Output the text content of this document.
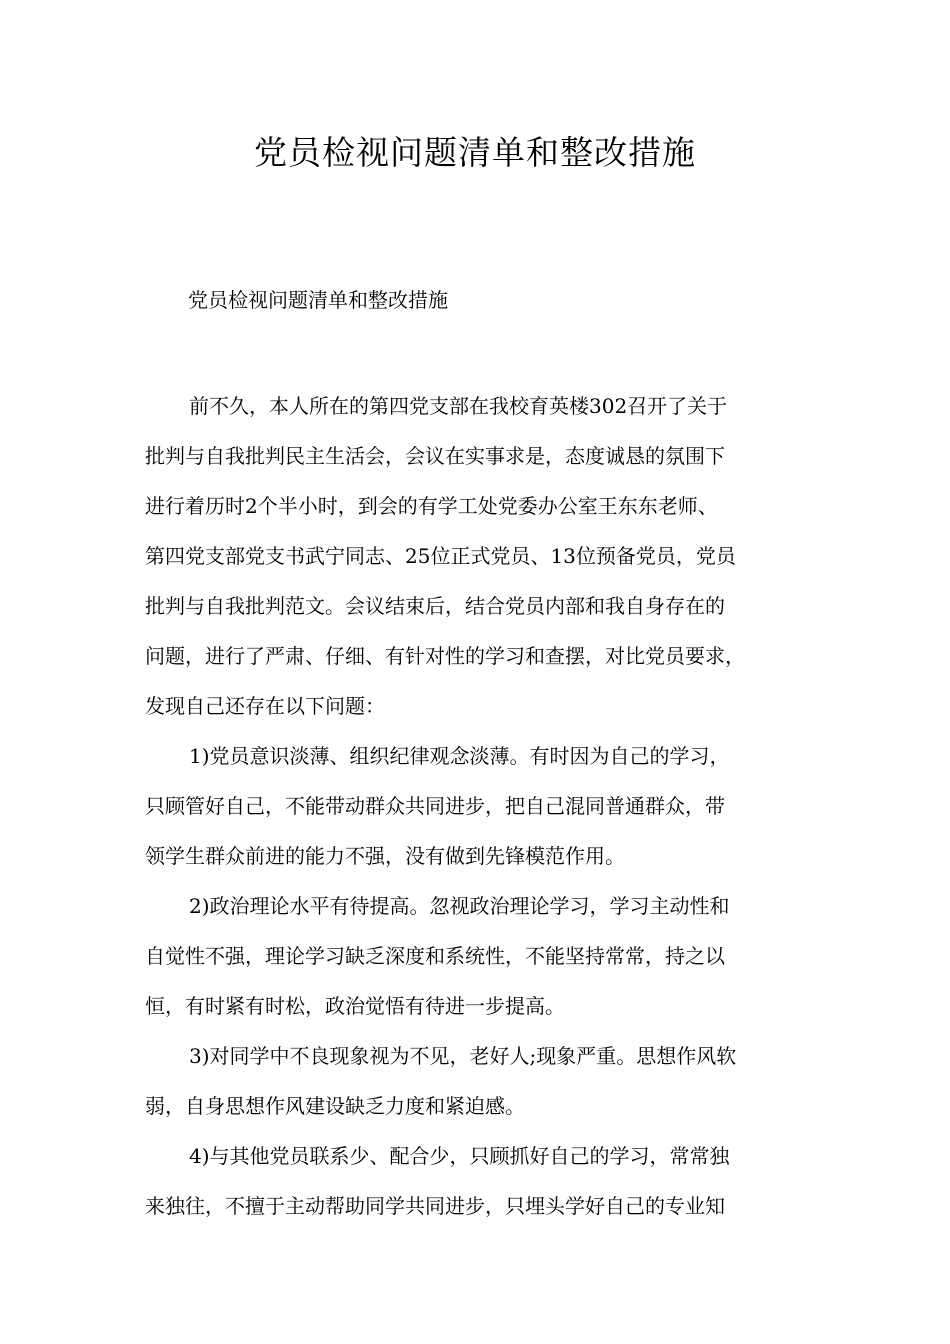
党员检视问题清单和整改措施

党员检视问题清单和整改措施

前不久，本人所在的第四党支部在我校育英楼302召开了关于
批判与自我批判民主生活会，会议在实事求是，态度诚恳的氛围下
进行着历时2个半小时，到会的有学工处党委办公室王东东老师、
第四党支部党支书武宁同志、25位正式党员、13位预备党员，党员
批判与自我批判范文。会议结束后，结合党员内部和我自身存在的
问题，进行了严肃、仔细、有针对性的学习和查摆，对比党员要求，
发现自己还存在以下问题：
1)党员意识淡薄、组织纪律观念淡薄。有时因为自己的学习，
只顾管好自己，不能带动群众共同进步，把自己混同普通群众，带
领学生群众前进的能力不强，没有做到先锋模范作用。
2)政治理论水平有待提高。忽视政治理论学习，学习主动性和
自觉性不强，理论学习缺乏深度和系统性，不能坚持常常，持之以
恒，有时紧有时松，政治觉悟有待进一步提高。
3)对同学中不良现象视为不见，老好人;现象严重。思想作风软
弱，自身思想作风建设缺乏力度和紧迫感。
4)与其他党员联系少、配合少，只顾抓好自己的学习，常常独
来独往，不擅于主动帮助同学共同进步，只埋头学好自己的专业知
